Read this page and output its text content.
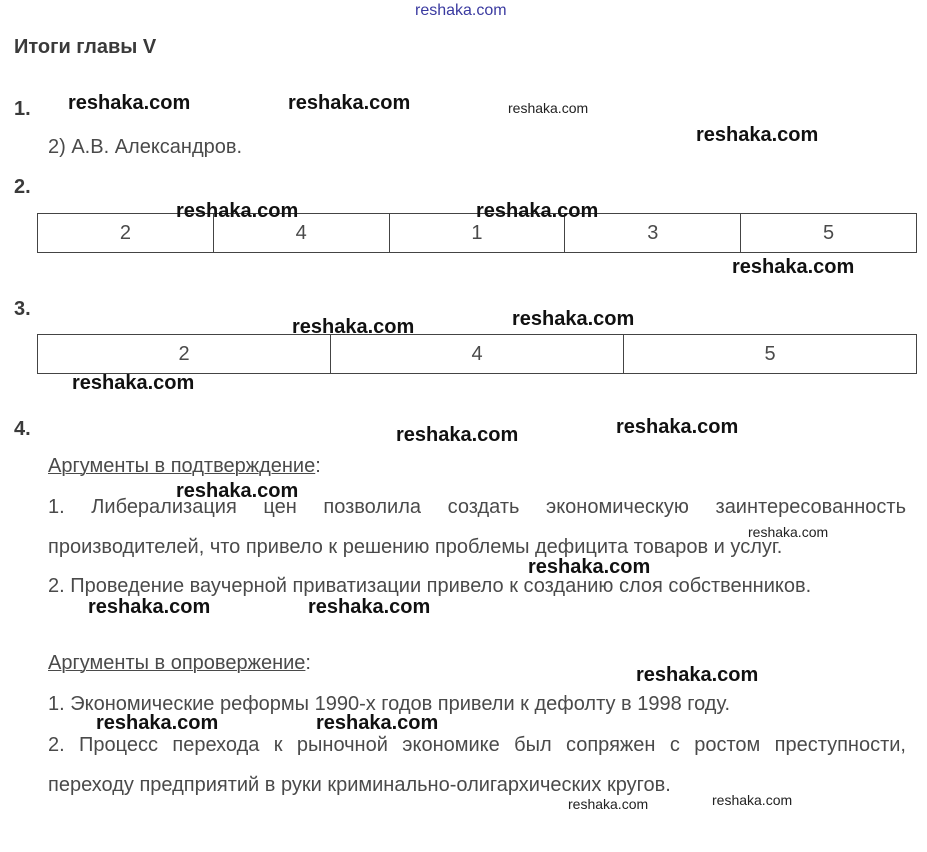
Итоги главы V
1.
2) А.В. Александров.
2.
2	4	1	3	5
3.
2	4	5
4.
Аргументы в подтверждение:
1. Либерализация цен позволила создать экономическую заинтересованность производителей, что привело к решению проблемы дефицита товаров и услуг.
2. Проведение ваучерной приватизации привело к созданию слоя собственников.
Аргументы в опровержение:
1. Экономические реформы 1990-х годов привели к дефолту в 1998 году.
2. Процесс перехода к рыночной экономике был сопряжен с ростом преступности, переходу предприятий в руки криминально-олигархических кругов.
reshaka.com
reshaka.com	reshaka.com	reshaka.com
reshaka.com
reshaka.com	reshaka.com
reshaka.com
reshaka.com	reshaka.com
reshaka.com
reshaka.com	reshaka.com
reshaka.com
reshaka.com
reshaka.com
reshaka.com	reshaka.com
reshaka.com
reshaka.com	reshaka.com
reshaka.com	reshaka.com
